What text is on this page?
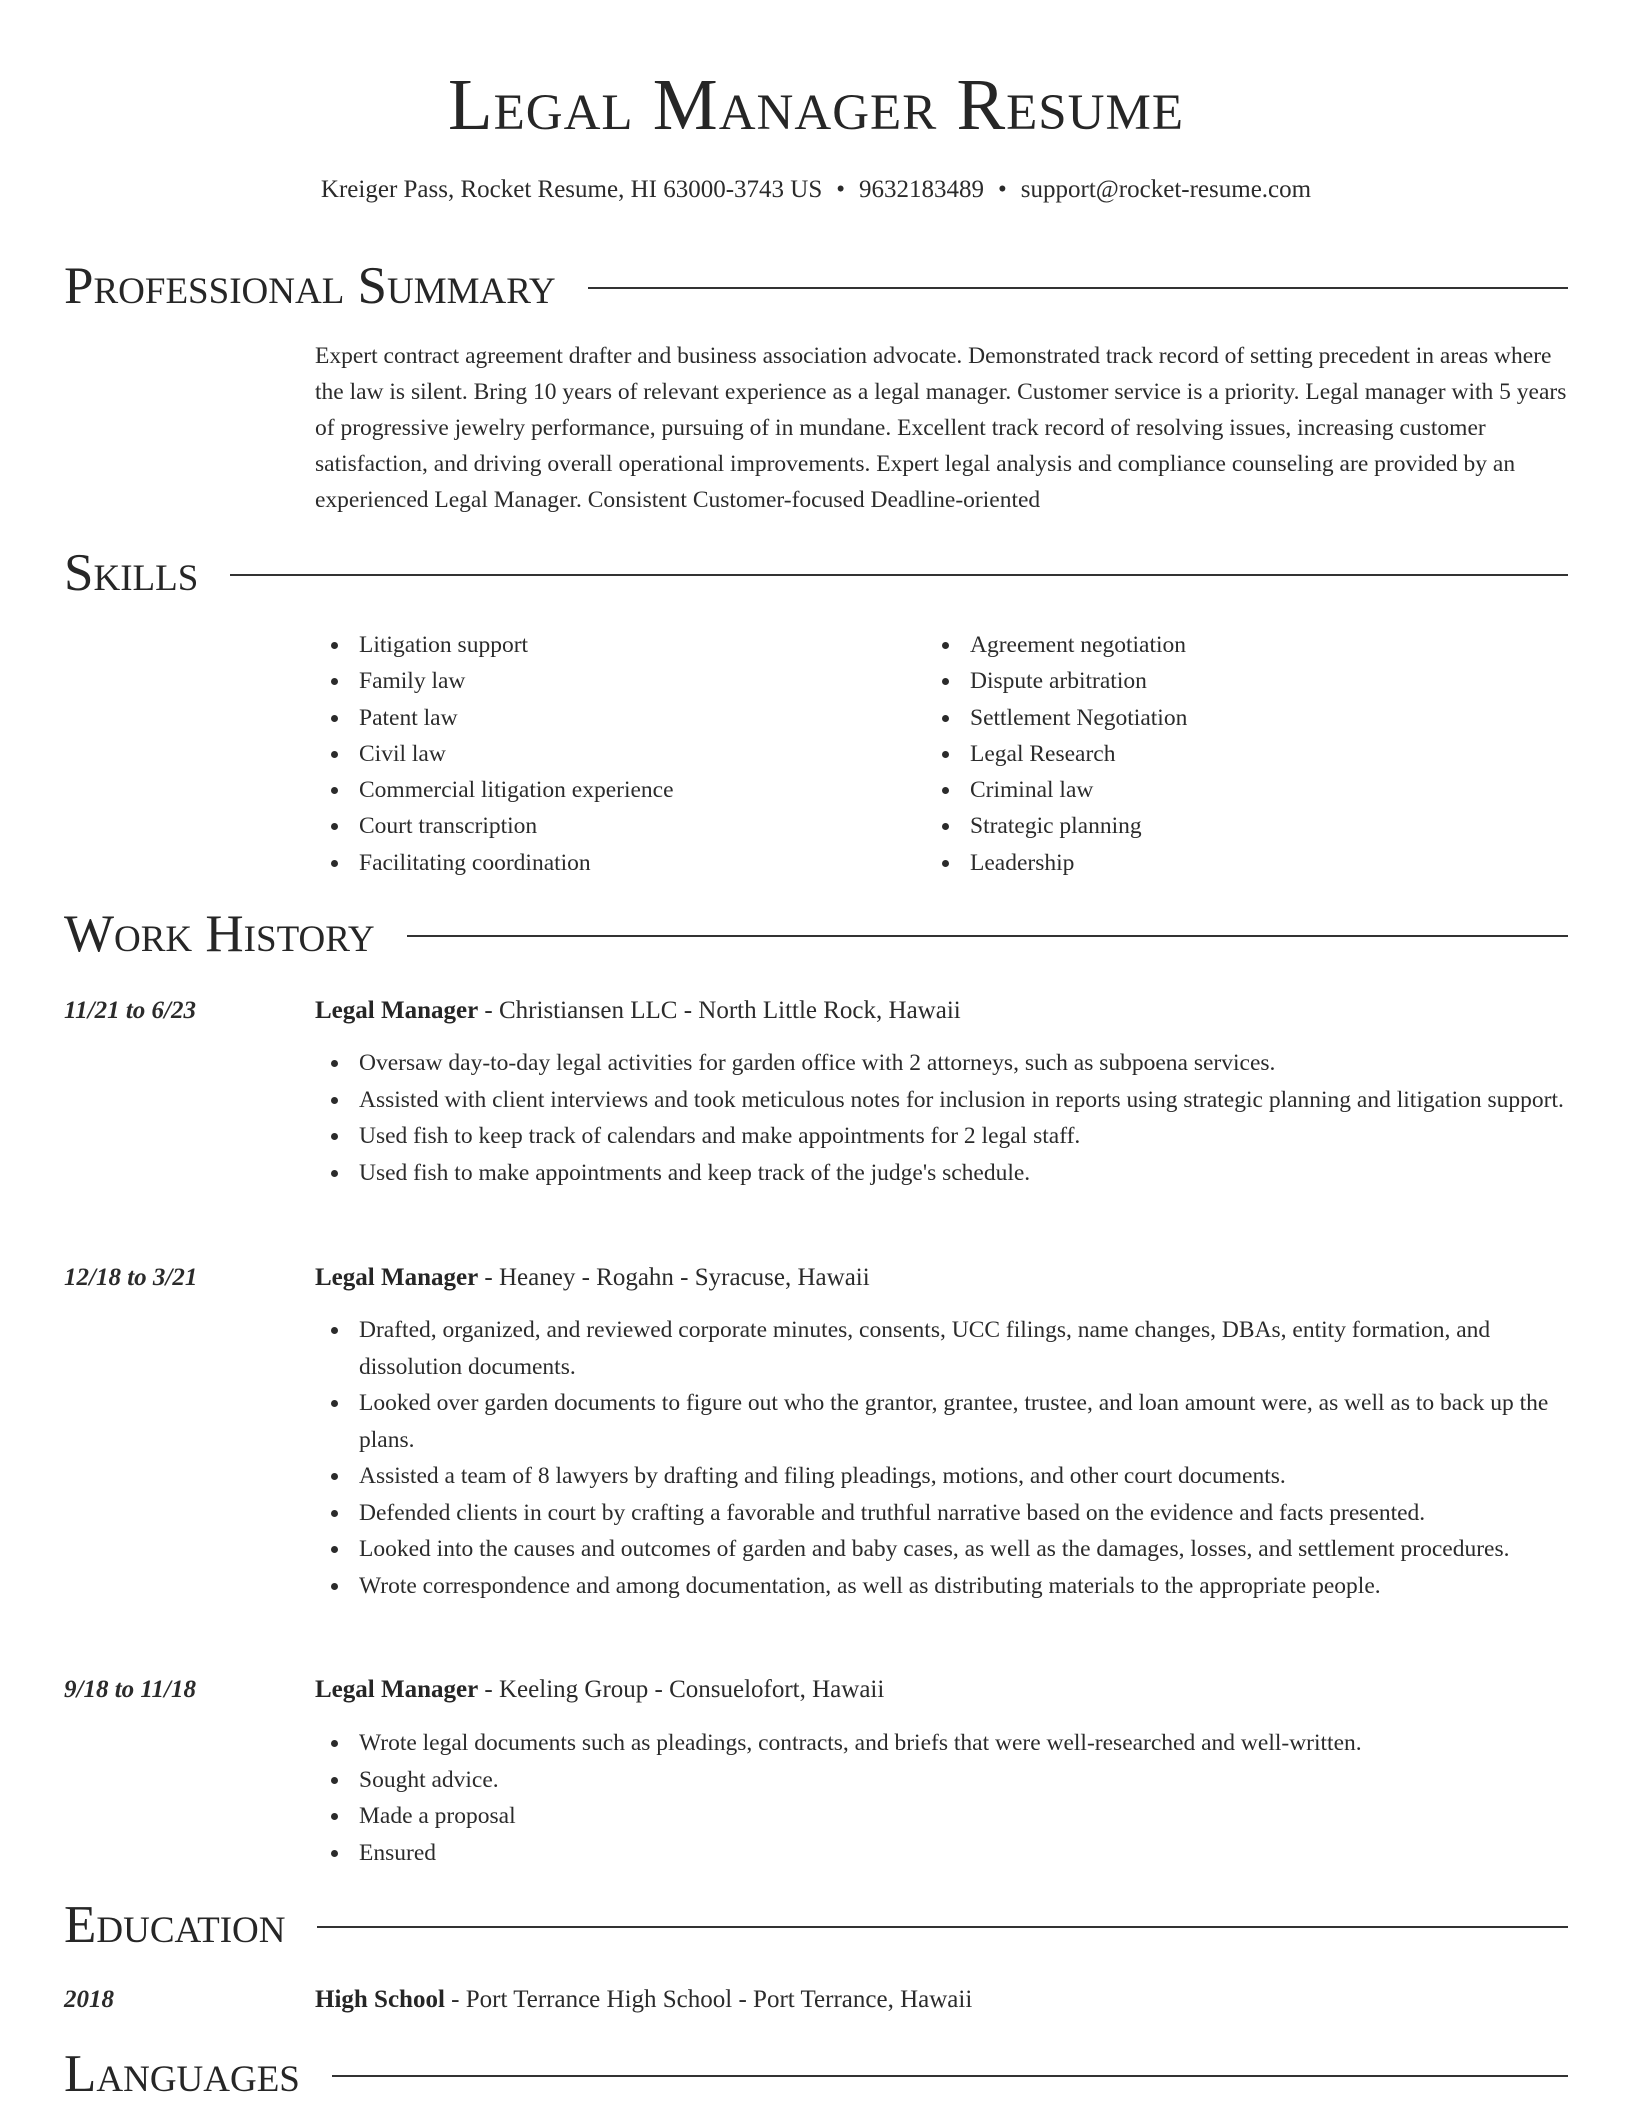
Legal Manager Resume
Kreiger Pass, Rocket Resume, HI 63000-3743 US • 9632183489 • support@rocket-resume.com
Professional Summary

Expert contract agreement drafter and business association advocate. Demonstrated track record of setting precedent in areas where the law is silent. Bring 10 years of relevant experience as a legal manager. Customer service is a priority. Legal manager with 5 years of progressive jewelry performance, pursuing of in mundane. Excellent track record of resolving issues, increasing customer satisfaction, and driving overall operational improvements. Expert legal analysis and compliance counseling are provided by an experienced Legal Manager. Consistent Customer-focused Deadline-oriented

Skills
Litigation support
Family law
Patent law
Civil law
Commercial litigation experience
Court transcription
Facilitating coordination
Agreement negotiation
Dispute arbitration
Settlement Negotiation
Legal Research
Criminal law
Strategic planning
Leadership
Work History
11/21 to 6/23	Legal Manager - Christiansen LLC - North Little Rock, Hawaii
Oversaw day-to-day legal activities for garden office with 2 attorneys, such as subpoena services.
Assisted with client interviews and took meticulous notes for inclusion in reports using strategic planning and litigation support.
Used fish to keep track of calendars and make appointments for 2 legal staff.
Used fish to make appointments and keep track of the judge's schedule.
12/18 to 3/21	Legal Manager - Heaney - Rogahn - Syracuse, Hawaii
Drafted, organized, and reviewed corporate minutes, consents, UCC filings, name changes, DBAs, entity formation, and dissolution documents.
Looked over garden documents to figure out who the grantor, grantee, trustee, and loan amount were, as well as to back up the plans.
Assisted a team of 8 lawyers by drafting and filing pleadings, motions, and other court documents.
Defended clients in court by crafting a favorable and truthful narrative based on the evidence and facts presented.
Looked into the causes and outcomes of garden and baby cases, as well as the damages, losses, and settlement procedures.
Wrote correspondence and among documentation, as well as distributing materials to the appropriate people.
9/18 to 11/18	Legal Manager - Keeling Group - Consuelofort, Hawaii
Wrote legal documents such as pleadings, contracts, and briefs that were well-researched and well-written.
Sought advice.
Made a proposal
Ensured
Education
2018	High School - Port Terrance High School - Port Terrance, Hawaii
Languages
